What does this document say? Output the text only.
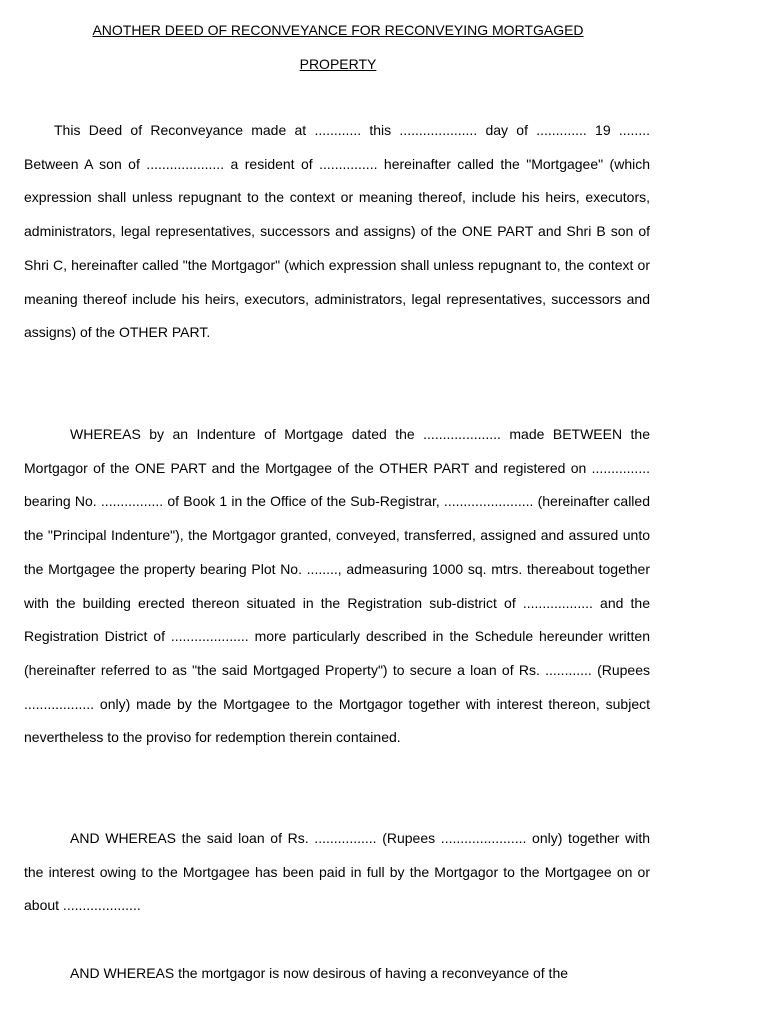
ANOTHER DEED OF RECONVEYANCE FOR RECONVEYING MORTGAGED
PROPERTY

This Deed of Reconveyance made at ............ this .................... day of ............. 19 ........ Between A son of .................... a resident of ............... hereinafter called the "Mortgagee" (which expression shall unless repugnant to the context or meaning thereof, include his heirs, executors, administrators, legal representatives, successors and assigns) of the ONE PART and Shri B son of Shri C, hereinafter called "the Mortgagor" (which expression shall unless repugnant to, the context or meaning thereof include his heirs, executors, administrators, legal representatives, successors and assigns) of the OTHER PART.

WHEREAS by an Indenture of Mortgage dated the .................... made BETWEEN the Mortgagor of the ONE PART and the Mortgagee of the OTHER PART and registered on ............... bearing No. ................ of Book 1 in the Office of the Sub-Registrar, ....................... (hereinafter called the "Principal Indenture"), the Mortgagor granted, conveyed, transferred, assigned and assured unto the Mortgagee the property bearing Plot No. ........, admeasuring 1000 sq. mtrs. thereabout together with the building erected thereon situated in the Registration sub-district of .................. and the Registration District of .................... more particularly described in the Schedule hereunder written (hereinafter referred to as "the said Mortgaged Property") to secure a loan of Rs. ............ (Rupees .................. only) made by the Mortgagee to the Mortgagor together with interest thereon, subject nevertheless to the proviso for redemption therein contained.

AND WHEREAS the said loan of Rs. ................ (Rupees ...................... only) together with the interest owing to the Mortgagee has been paid in full by the Mortgagor to the Mortgagee on or about ....................

AND WHEREAS the mortgagor is now desirous of having a reconveyance of the
